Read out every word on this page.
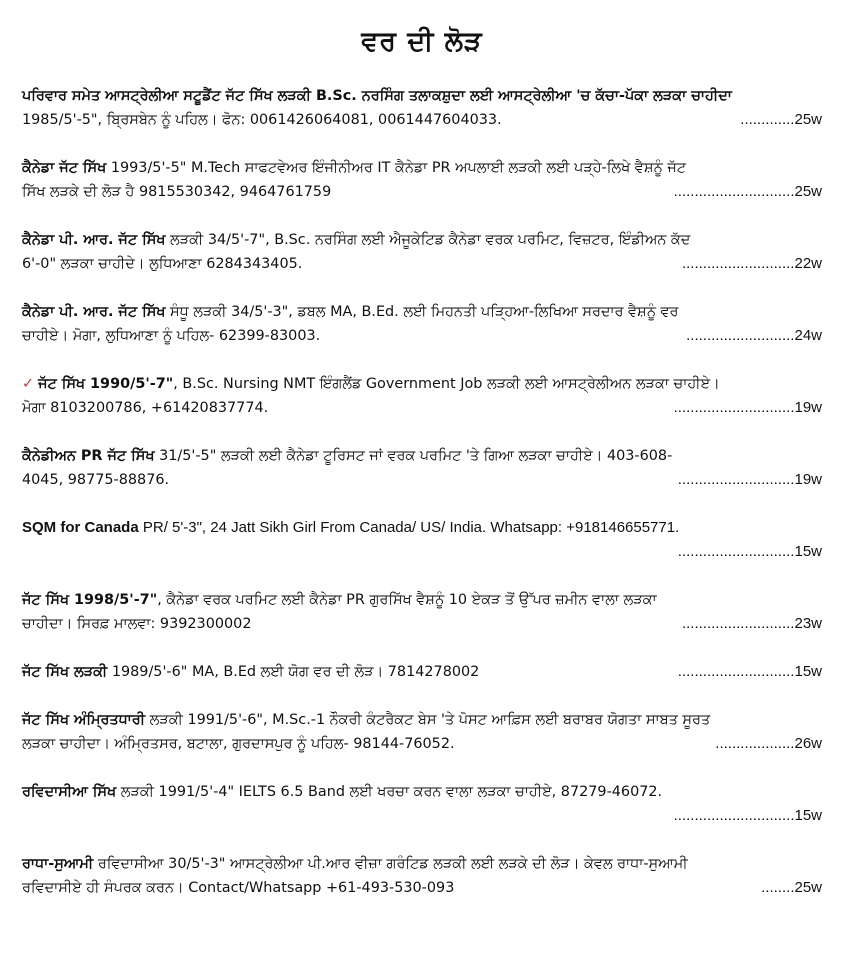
ਵਰ ਦੀ ਲੋੜ
ਪਰਿਵਾਰ ਸਮੇਤ ਆਸਟ੍ਰੇਲੀਆ ਸਟੂਡੈਂਟ ਜੱਟ ਸਿੱਖ ਲੜਕੀ B.Sc. ਨਰਸਿੰਗ ਤਲਾਕਸ਼ੁਦਾ ਲਈ ਆਸਟ੍ਰੇਲੀਆ 'ਚ ਕੱਚਾ-ਪੱਕਾ ਲੜਕਾ ਚਾਹੀਦਾ
1985/5'-5", ਬ੍ਰਿਸਬੇਨ ਨੂੰ ਪਹਿਲ। ਫੋਨ: 0061426064081, 0061447604033.	.............25w
ਕੈਨੇਡਾ ਜੱਟ ਸਿੱਖ 1993/5'-5" M.Tech ਸਾਫਟਵੇਅਰ ਇੰਜੀਨੀਅਰ IT ਕੈਨੇਡਾ PR ਅਪਲਾਈ ਲੜਕੀ ਲਈ ਪੜ੍ਹੇ-ਲਿਖੇ ਵੈਸ਼ਨੂੰ ਜੱਟ
ਸਿੱਖ ਲੜਕੇ ਦੀ ਲੋੜ ਹੈ 9815530342, 9464761759	.............................25w
ਕੈਨੇਡਾ ਪੀ. ਆਰ. ਜੱਟ ਸਿੱਖ ਲੜਕੀ 34/5'-7", B.Sc. ਨਰਸਿੰਗ ਲਈ ਐਜੂਕੇਟਿਡ ਕੈਨੇਡਾ ਵਰਕ ਪਰਮਿਟ, ਵਿਜ਼ਟਰ, ਇੰਡੀਅਨ ਕੱਦ
6'-0" ਲੜਕਾ ਚਾਹੀਦੇ। ਲੁਧਿਆਣਾ 6284343405.	...........................22w
ਕੈਨੇਡਾ ਪੀ. ਆਰ. ਜੱਟ ਸਿੱਖ ਸੰਧੂ ਲੜਕੀ 34/5'-3", ਡਬਲ MA, B.Ed. ਲਈ ਮਿਹਨਤੀ ਪੜ੍ਹਿਆ-ਲਿਖਿਆ ਸਰਦਾਰ ਵੈਸ਼ਨੂੰ ਵਰ
ਚਾਹੀਏ। ਮੋਗਾ, ਲੁਧਿਆਣਾ ਨੂੰ ਪਹਿਲ- 62399-83003.	..........................24w
✓ ਜੱਟ ਸਿੱਖ 1990/5'-7", B.Sc. Nursing NMT ਇੰਗਲੈਂਡ Government Job ਲੜਕੀ ਲਈ ਆਸਟ੍ਰੇਲੀਅਨ ਲੜਕਾ ਚਾਹੀਏ।
ਮੋਗਾ 8103200786, +61420837774.	.............................19w
ਕੈਨੇਡੀਅਨ PR ਜੱਟ ਸਿੱਖ 31/5'-5" ਲੜਕੀ ਲਈ ਕੈਨੇਡਾ ਟੂਰਿਸਟ ਜਾਂ ਵਰਕ ਪਰਮਿਟ 'ਤੇ ਗਿਆ ਲੜਕਾ ਚਾਹੀਏ। 403-608-
4045, 98775-88876.	............................19w
SQM for Canada PR/ 5'-3", 24 Jatt Sikh Girl From Canada/ US/ India. Whatsapp: +918146655771.
............................15w
ਜੱਟ ਸਿੱਖ 1998/5'-7", ਕੈਨੇਡਾ ਵਰਕ ਪਰਮਿਟ ਲਈ ਕੈਨੇਡਾ PR ਗੁਰਸਿੱਖ ਵੈਸ਼ਨੂੰ 10 ਏਕੜ ਤੋਂ ਉੱਪਰ ਜ਼ਮੀਨ ਵਾਲਾ ਲੜਕਾ
ਚਾਹੀਦਾ। ਸਿਰਫ਼ ਮਾਲਵਾ: 9392300002	...........................23w
ਜੱਟ ਸਿੱਖ ਲੜਕੀ 1989/5'-6" MA, B.Ed ਲਈ ਯੋਗ ਵਰ ਦੀ ਲੋੜ। 7814278002	............................15w
ਜੱਟ ਸਿੱਖ ਅੰਮ੍ਰਿਤਧਾਰੀ ਲੜਕੀ 1991/5'-6", M.Sc.-1 ਨੌਕਰੀ ਕੰਟਰੈਕਟ ਬੇਸ 'ਤੇ ਪੋਸਟ ਆਫ਼ਿਸ ਲਈ ਬਰਾਬਰ ਯੋਗਤਾ ਸਾਬਤ ਸੂਰਤ
ਲੜਕਾ ਚਾਹੀਦਾ। ਅੰਮ੍ਰਿਤਸਰ, ਬਟਾਲਾ, ਗੁਰਦਾਸਪੁਰ ਨੂੰ ਪਹਿਲ- 98144-76052.	...................26w
ਰਵਿਦਾਸੀਆ ਸਿੱਖ ਲੜਕੀ 1991/5'-4" IELTS 6.5 Band ਲਈ ਖਰਚਾ ਕਰਨ ਵਾਲਾ ਲੜਕਾ ਚਾਹੀਏ, 87279-46072.
.............................15w
ਰਾਧਾ-ਸੁਆਮੀ ਰਵਿਦਾਸੀਆ 30/5'-3" ਆਸਟ੍ਰੇਲੀਆ ਪੀ.ਆਰ ਵੀਜ਼ਾ ਗਰੰਟਿਡ ਲੜਕੀ ਲਈ ਲੜਕੇ ਦੀ ਲੋੜ। ਕੇਵਲ ਰਾਧਾ-ਸੁਆਮੀ
ਰਵਿਦਾਸੀਏ ਹੀ ਸੰਪਰਕ ਕਰਨ। Contact/Whatsapp +61-493-530-093	........25w
